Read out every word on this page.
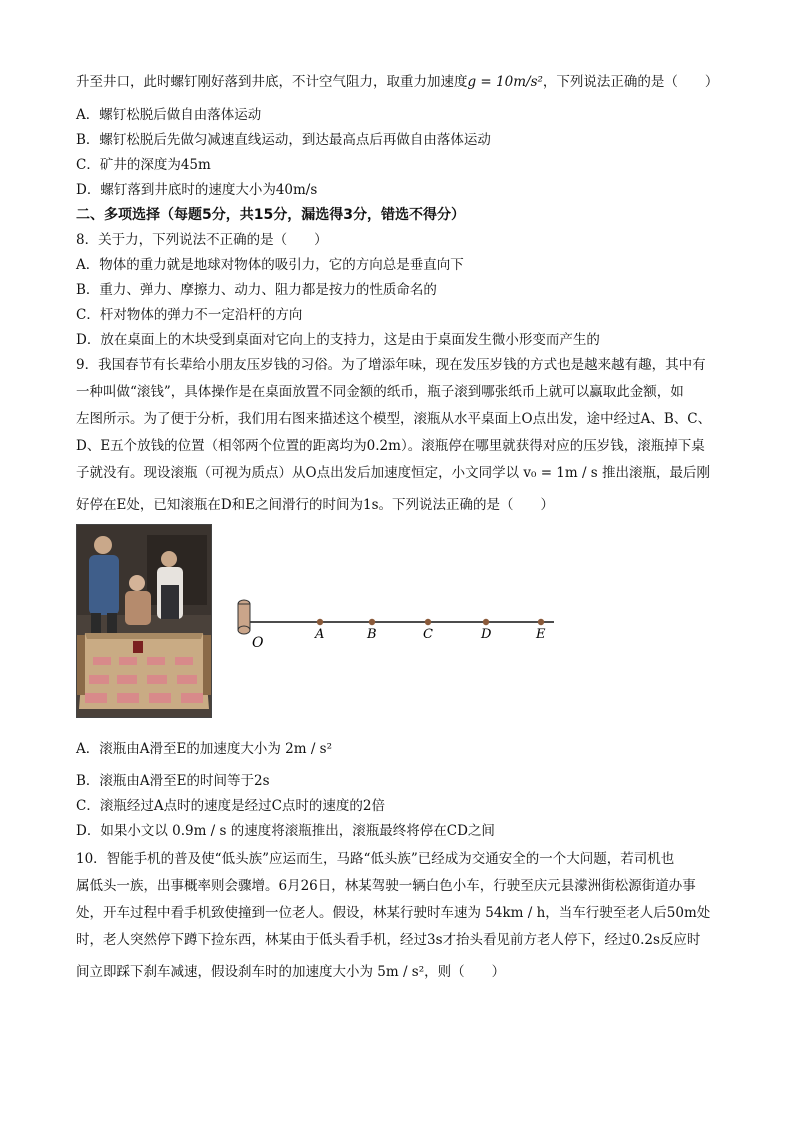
升至井口，此时螺钉刚好落到井底，不计空气阻力，取重力加速度g = 10m/s²，下列说法正确的是（　　）
A．螺钉松脱后做自由落体运动
B．螺钉松脱后先做匀减速直线运动，到达最高点后再做自由落体运动
C．矿井的深度为45m
D．螺钉落到井底时的速度大小为40m/s
二、多项选择（每题5分，共15分，漏选得3分，错选不得分）
8．关于力，下列说法不正确的是（　　）
A．物体的重力就是地球对物体的吸引力，它的方向总是垂直向下
B．重力、弹力、摩擦力、动力、阻力都是按力的性质命名的
C．杆对物体的弹力不一定沿杆的方向
D．放在桌面上的木块受到桌面对它向上的支持力，这是由于桌面发生微小形变而产生的
9．我国春节有长辈给小朋友压岁钱的习俗。为了增添年味，现在发压岁钱的方式也是越来越有趣，其中有
一种叫做“滚钱”，具体操作是在桌面放置不同金额的纸币，瓶子滚到哪张纸币上就可以赢取此金额，如
左图所示。为了便于分析，我们用右图来描述这个模型，滚瓶从水平桌面上O点出发，途中经过A、B、C、
D、E五个放钱的位置（相邻两个位置的距离均为0.2m）。滚瓶停在哪里就获得对应的压岁钱，滚瓶掉下桌
子就没有。现设滚瓶（可视为质点）从O点出发后加速度恒定，小文同学以 v₀ = 1m / s 推出滚瓶，最后刚
好停在E处，已知滚瓶在D和E之间滑行的时间为1s。下列说法正确的是（　　）
O
A	B	C	D	E
A．滚瓶由A滑至E的加速度大小为 2m / s²
B．滚瓶由A滑至E的时间等于2s
C．滚瓶经过A点时的速度是经过C点时的速度的2倍
D．如果小文以 0.9m / s 的速度将滚瓶推出，滚瓶最终将停在CD之间
10．智能手机的普及使“低头族”应运而生，马路“低头族”已经成为交通安全的一个大问题，若司机也
属低头一族，出事概率则会骤增。6月26日，林某驾驶一辆白色小车，行驶至庆元县濛洲街松源街道办事
处，开车过程中看手机致使撞到一位老人。假设，林某行驶时车速为 54km / h，当车行驶至老人后50m处
时，老人突然停下蹲下捡东西，林某由于低头看手机，经过3s才抬头看见前方老人停下，经过0.2s反应时
间立即踩下刹车减速，假设刹车时的加速度大小为 5m / s²，则（　　）
